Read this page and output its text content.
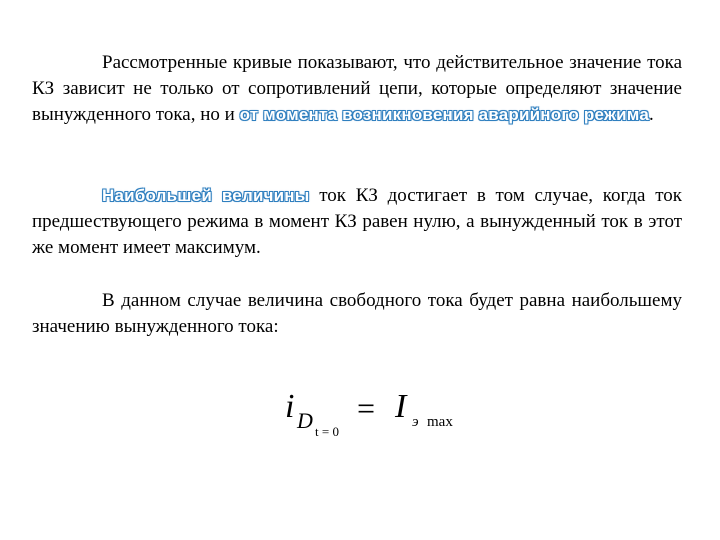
Рассмотренные кривые показывают, что действительное значение тока КЗ зависит не только от сопротивлений цепи, которые определяют значение вынужденного тока, но и от момента возникновения аварийного режима.

Наибольшей величины ток КЗ достигает в том случае, когда ток предшествующего режима в момент КЗ равен нулю, а вынужденный ток в этот же момент имеет максимум.

В данном случае величина свободного тока будет равна наибольшему значению вынужденного тока:

i D t = 0
= I э max
